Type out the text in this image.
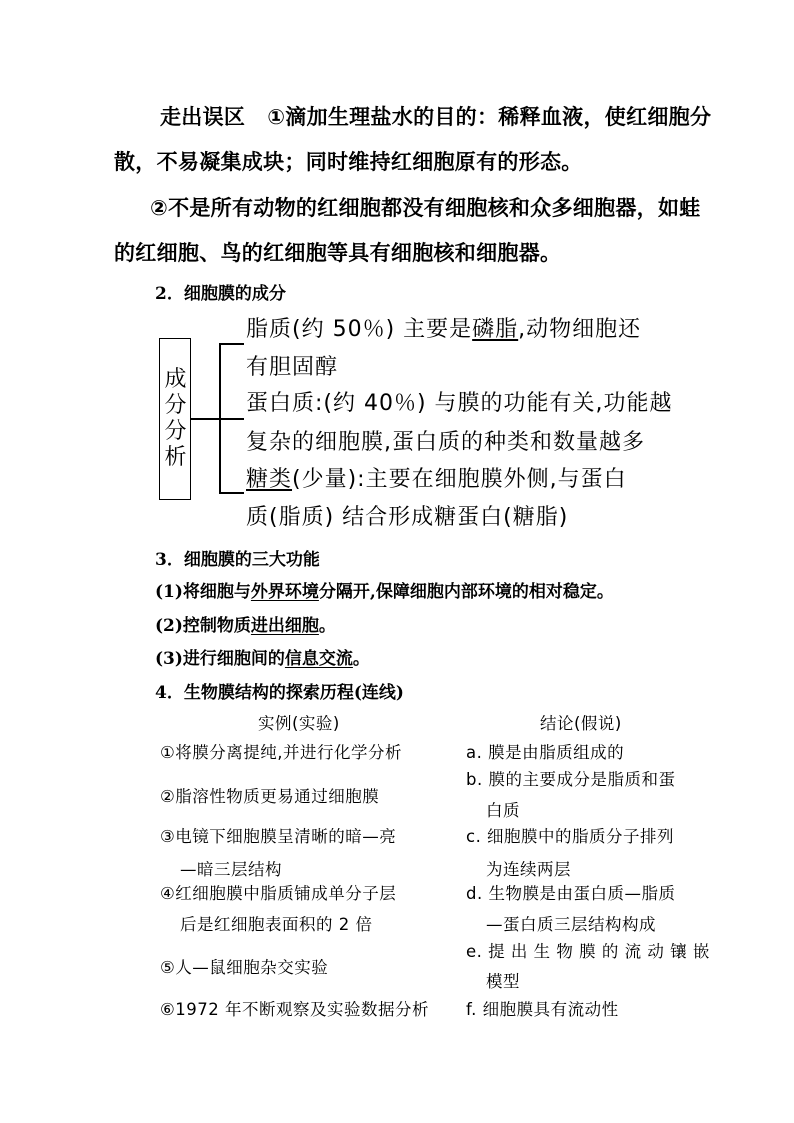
走出误区 ①滴加生理盐水的目的：稀释血液，使红细胞分
散，不易凝集成块；同时维持红细胞原有的形态。
②不是所有动物的红细胞都没有细胞核和众多细胞器，如蛙
的红细胞、鸟的红细胞等具有细胞核和细胞器。
2．细胞膜的成分
成
分
分
析
脂质(约 50％) 主要是磷脂,动物细胞还
有胆固醇
蛋白质:(约 40％) 与膜的功能有关,功能越
复杂的细胞膜,蛋白质的种类和数量越多
糖类(少量):主要在细胞膜外侧,与蛋白
质(脂质) 结合形成糖蛋白(糖脂)
3．细胞膜的三大功能
(1)将细胞与外界环境分隔开,保障细胞内部环境的相对稳定。
(2)控制物质进出细胞。
(3)进行细胞间的信息交流。
4．生物膜结构的探索历程(连线)
实例(实验)	结论(假说)
①将膜分离提纯,并进行化学分析
②脂溶性物质更易通过细胞膜
③电镜下细胞膜呈清晰的暗—亮
—暗三层结构
④红细胞膜中脂质铺成单分子层
后是红细胞表面积的 2 倍
⑤人—鼠细胞杂交实验
⑥1972 年不断观察及实验数据分析
a. 膜是由脂质组成的
b. 膜的主要成分是脂质和蛋
白质
c. 细胞膜中的脂质分子排列
为连续两层
d. 生物膜是由蛋白质—脂质
—蛋白质三层结构构成
e. 提 出 生 物 膜 的 流 动 镶 嵌
模型
f. 细胞膜具有流动性
